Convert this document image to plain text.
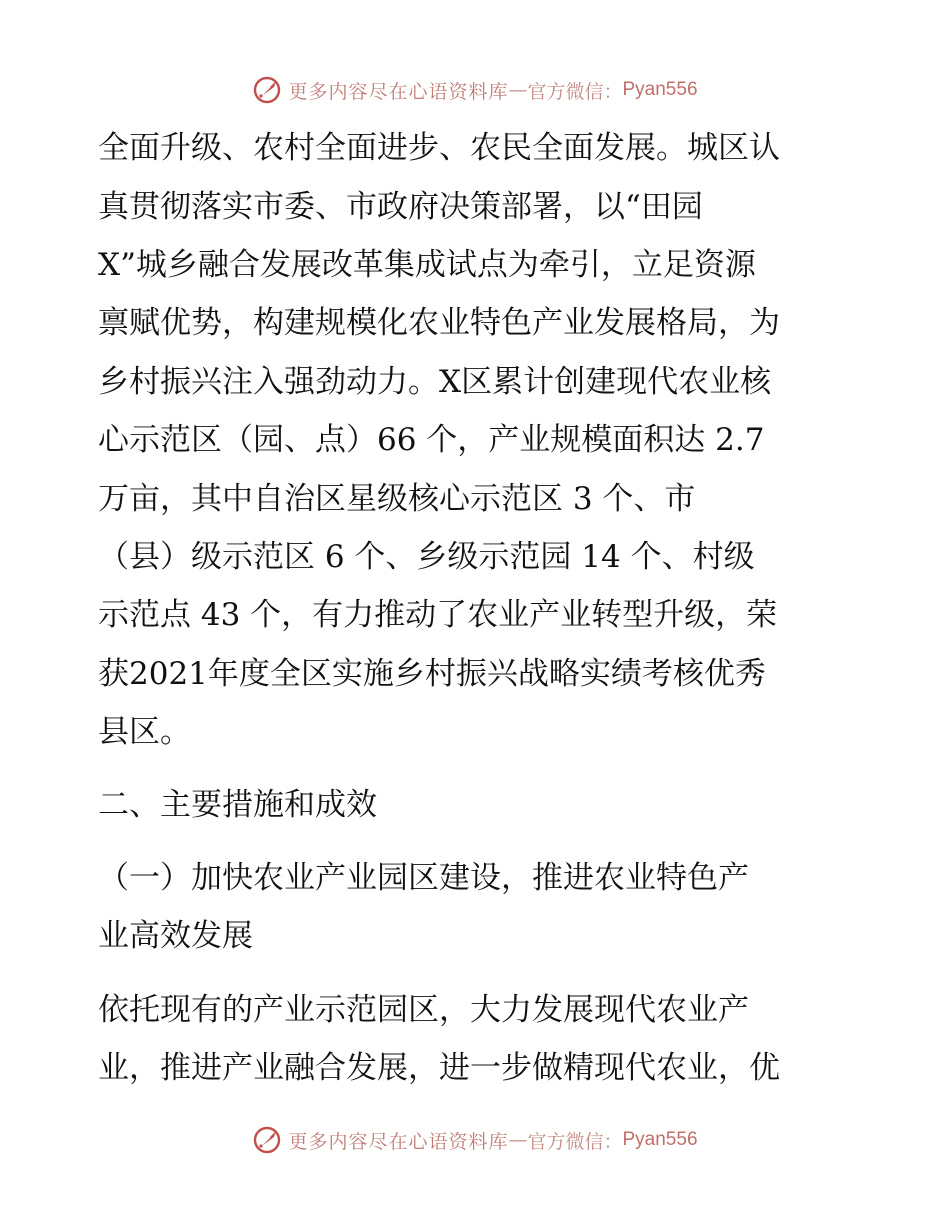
更多内容尽在心语资料库 — 官方微信： Pyan556
全面升级、农村全面进步、农民全面发展。城区认
真贯彻落实市委、市政府决策部署，以“田园
X”城乡融合发展改革集成试点为牵引，立足资源
禀赋优势，构建规模化农业特色产业发展格局，为
乡村振兴注入强劲动力。X区累计创建现代农业核
心示范区（园、点）66 个，产业规模面积达 2.7
万亩，其中自治区星级核心示范区 3 个、市
（县）级示范区 6 个、乡级示范园 14 个、村级
示范点 43 个，有力推动了农业产业转型升级，荣
获2021年度全区实施乡村振兴战略实绩考核优秀
县区。
二、主要措施和成效
（一）加快农业产业园区建设，推进农业特色产
业高效发展
依托现有的产业示范园区，大力发展现代农业产
业，推进产业融合发展，进一步做精现代农业，优
更多内容尽在心语资料库 — 官方微信： Pyan556
